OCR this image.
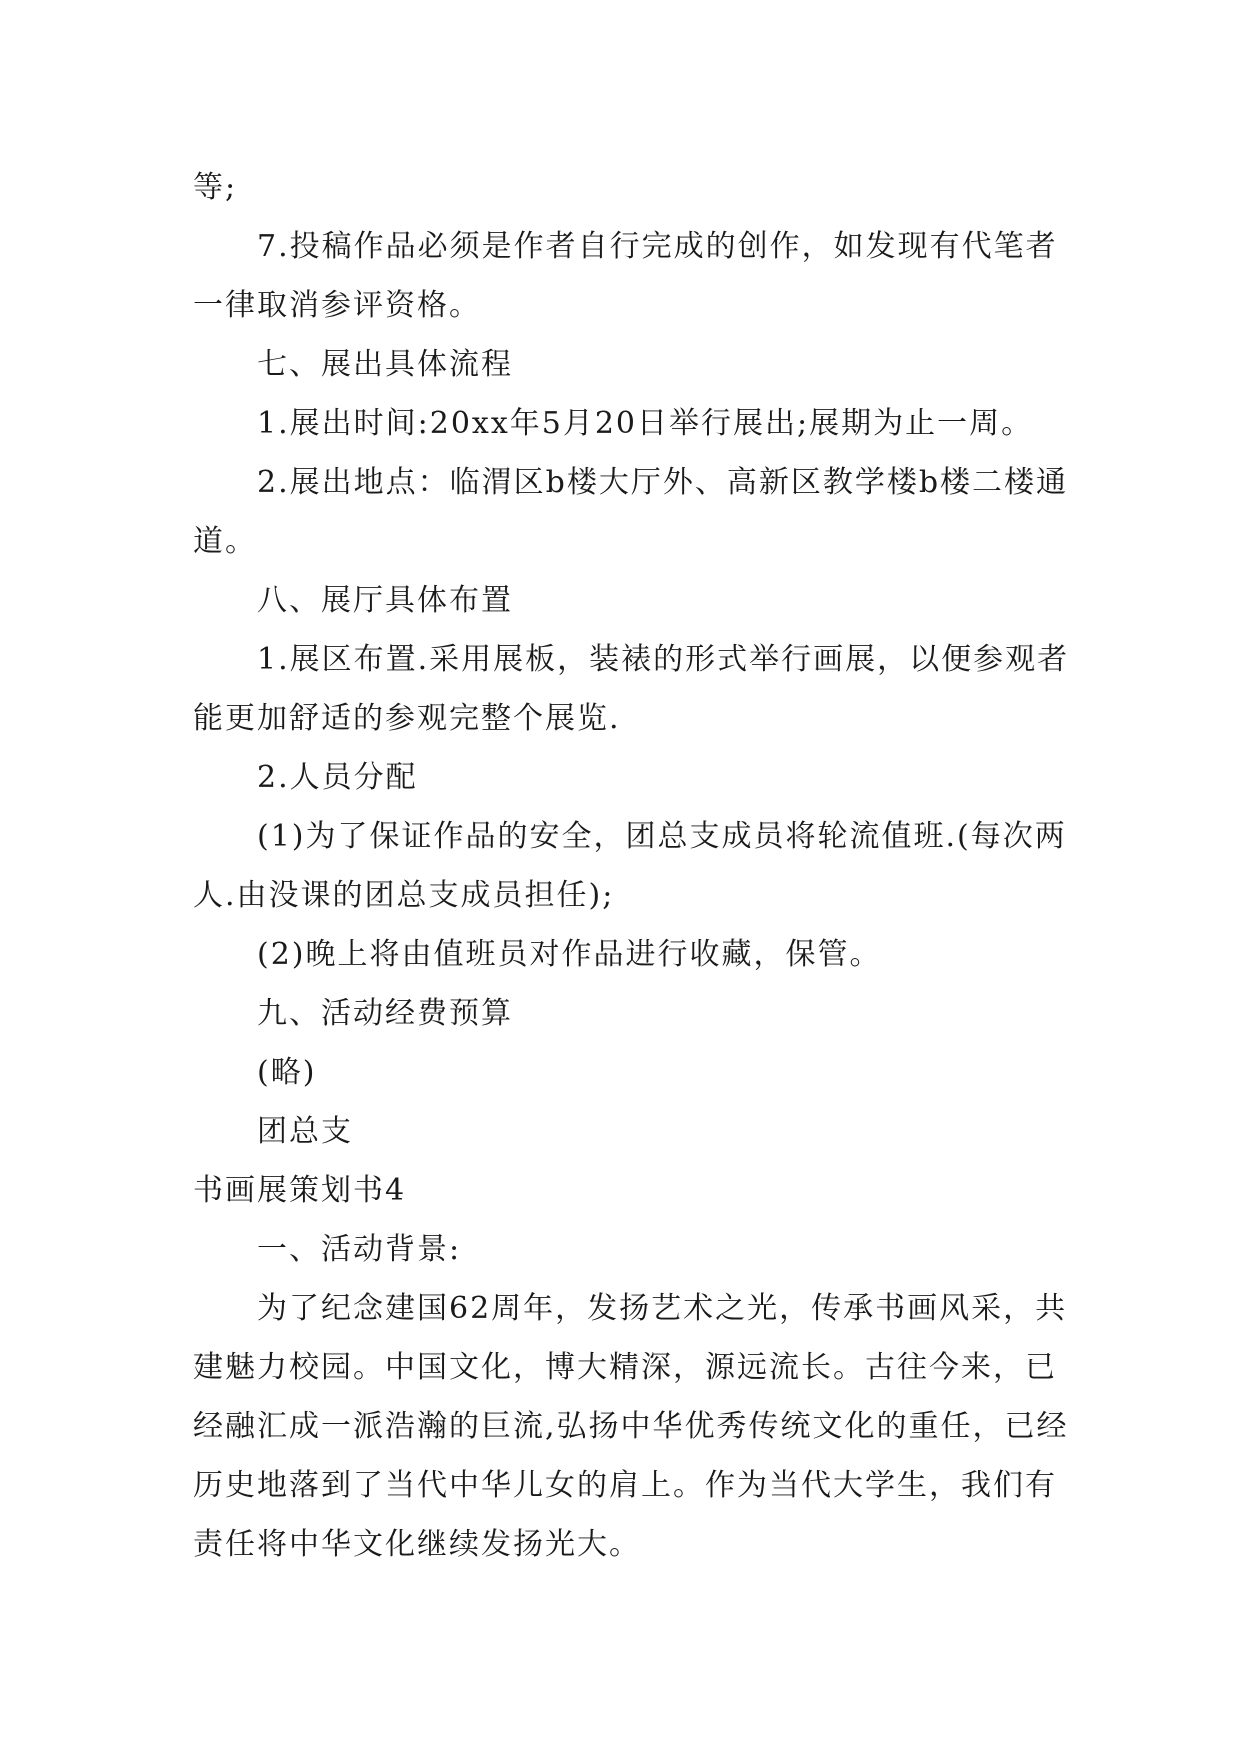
等;

7.投稿作品必须是作者自行完成的创作，如发现有代笔者一律取消参评资格。

七、展出具体流程

1.展出时间:20xx年5月20日举行展出;展期为止一周。

2.展出地点：临渭区b楼大厅外、高新区教学楼b楼二楼通道。

八、展厅具体布置

1.展区布置.采用展板，装裱的形式举行画展，以便参观者能更加舒适的参观完整个展览.

2.人员分配

(1)为了保证作品的安全，团总支成员将轮流值班.(每次两人.由没课的团总支成员担任);

(2)晚上将由值班员对作品进行收藏，保管。

九、活动经费预算

(略)

团总支

书画展策划书4

一、活动背景:

为了纪念建国62周年，发扬艺术之光，传承书画风采，共建魅力校园。中国文化，博大精深，源远流长。古往今来，已经融汇成一派浩瀚的巨流,弘扬中华优秀传统文化的重任，已经历史地落到了当代中华儿女的肩上。作为当代大学生，我们有责任将中华文化继续发扬光大。
